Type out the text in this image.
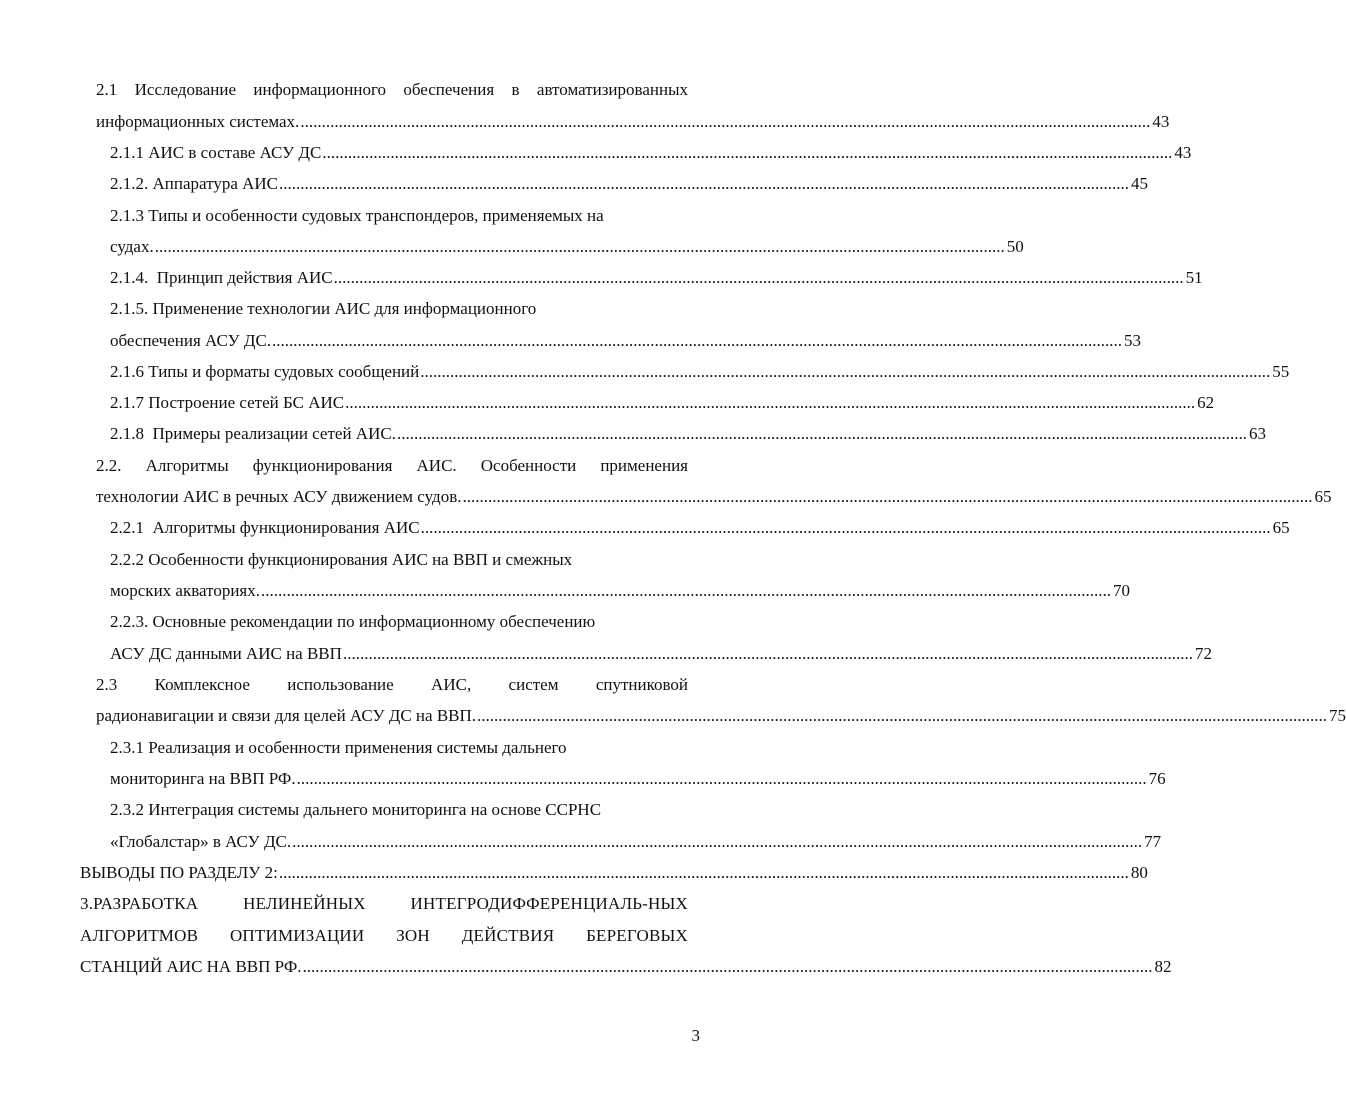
2.1 Исследование информационного обеспечения в автоматизированных
информационных системах. ........................................................................................................................................................................................................ 43
2.1.1 АИС в составе АСУ ДС ........................................................................................................................................................................................................ 43
2.1.2. Аппаратура АИС ........................................................................................................................................................................................................ 45
2.1.3 Типы и особенности судовых транспондеров, применяемых на
судах. ........................................................................................................................................................................................................ 50
2.1.4.  Принцип действия АИС ........................................................................................................................................................................................................ 51
2.1.5. Применение технологии АИС для информационного
обеспечения АСУ ДС. ........................................................................................................................................................................................................ 53
2.1.6 Типы и форматы судовых сообщений ........................................................................................................................................................................................................ 55
2.1.7 Построение сетей БС АИС ........................................................................................................................................................................................................ 62
2.1.8  Примеры реализации сетей АИС. ........................................................................................................................................................................................................ 63
2.2. Алгоритмы функционирования АИС. Особенности применения
технологии АИС в речных АСУ движением судов. ........................................................................................................................................................................................................ 65
2.2.1  Алгоритмы функционирования АИС ........................................................................................................................................................................................................ 65
2.2.2 Особенности функционирования АИС на ВВП и смежных
морских акваториях. ........................................................................................................................................................................................................ 70
2.2.3. Основные рекомендации по информационному обеспечению
АСУ ДС данными АИС на ВВП ........................................................................................................................................................................................................ 72
2.3 Комплексное использование АИС, систем спутниковой
радионавигации и связи для целей АСУ ДС на ВВП. ........................................................................................................................................................................................................ 75
2.3.1 Реализация и особенности применения системы дальнего
мониторинга на ВВП РФ. ........................................................................................................................................................................................................ 76
2.3.2 Интеграция системы дальнего мониторинга на основе ССРНС
«Глобалстар» в АСУ ДС. ........................................................................................................................................................................................................ 77
ВЫВОДЫ ПО РАЗДЕЛУ 2: ........................................................................................................................................................................................................ 80
3.РАЗРАБОТКА НЕЛИНЕЙНЫХ ИНТЕГРОДИФФЕРЕНЦИАЛЬ-НЫХ
АЛГОРИТМОВ ОПТИМИЗАЦИИ ЗОН ДЕЙСТВИЯ БЕРЕГОВЫХ
СТАНЦИЙ АИС НА ВВП РФ. ........................................................................................................................................................................................................ 82
3
